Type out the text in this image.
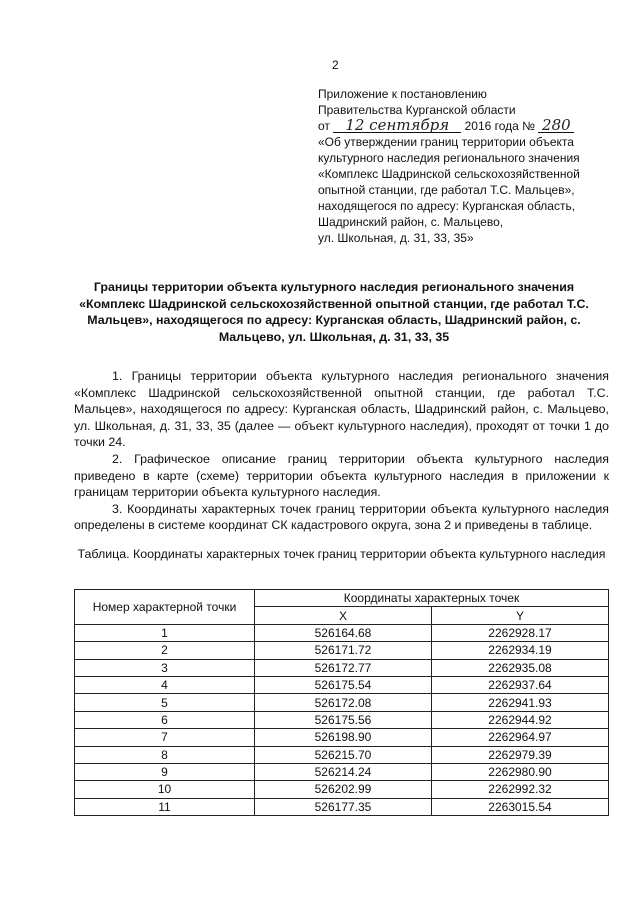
2
Приложение к постановлению
Правительства Курганской области
от 12 сентября 2016 года № 280
«Об утверждении границ территории объекта
культурного наследия регионального значения
«Комплекс Шадринской сельскохозяйственной
опытной станции, где работал Т.С. Мальцев»,
находящегося по адресу: Курганская область,
Шадринский район, с. Мальцево,
ул. Школьная, д. 31, 33, 35»
Границы территории объекта культурного наследия регионального значения «Комплекс Шадринской сельскохозяйственной опытной станции, где работал Т.С. Мальцев», находящегося по адресу: Курганская область, Шадринский район, с. Мальцево, ул. Школьная, д. 31, 33, 35

1. Границы территории объекта культурного наследия регионального значения «Комплекс Шадринской сельскохозяйственной опытной станции, где работал Т.С. Мальцев», находящегося по адресу: Курганская область, Шадринский район, с. Мальцево, ул. Школьная, д. 31, 33, 35 (далее — объект культурного наследия), проходят от точки 1 до точки 24.

2. Графическое описание границ территории объекта культурного наследия приведено в карте (схеме) территории объекта культурного наследия в приложении к границам территории объекта культурного наследия.

3. Координаты характерных точек границ территории объекта культурного наследия определены в системе координат СК кадастрового округа, зона 2 и приведены в таблице.

Таблица. Координаты характерных точек границ территории объекта культурного наследия
Номер характерной точки	Координаты характерных точек	
	X	Y
1	526164.68	2262928.17
2	526171.72	2262934.19
3	526172.77	2262935.08
4	526175.54	2262937.64
5	526172.08	2262941.93
6	526175.56	2262944.92
7	526198.90	2262964.97
8	526215.70	2262979.39
9	526214.24	2262980.90
10	526202.99	2262992.32
11	526177.35	2263015.54
